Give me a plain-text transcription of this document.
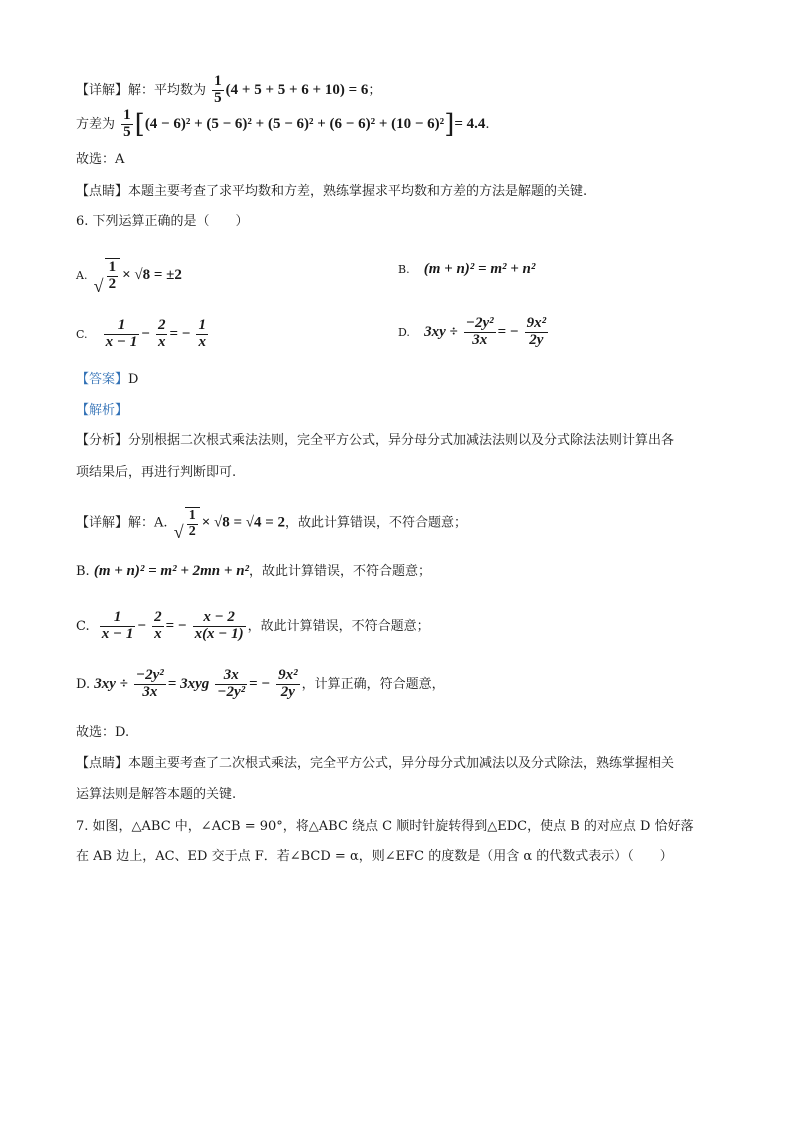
【详解】解：平均数为 $\frac{1}{5} (4 + 5 + 5 + 6 + 10) = 6$；
方差为 $\frac{1}{5} [(4 - 6)^2 + (5 - 6)^2 + (5 - 6)^2 + (6 - 6)^2 + (10 - 6)^2]= 4.4$.
故选：A
【点睛】本题主要考查了求平均数和方差，熟练掌握求平均数和方差的方法是解题的关键.
6. 下列运算正确的是（　　）
A. √ $\frac{1}{2} \times √8 = \pm 2$	B. (m + n)² = m² + n²
C. $\frac{1}{x - 1} - \frac{2}{x}$ = − $\frac{1}{x}$	D. $3xy \div \frac{\text{−2y²}}{3x}$ = − $\frac{\text{9x²}}{2y}$
【答案】D
【解析】
【分析】分别根据二次根式乘法法则，完全平方公式，异分母分式加减法法则以及分式除法法则计算出各
项结果后，再进行判断即可.
【详解】解：A. √ $\frac{1}{2} \times √8 = √4 = 2$，故此计算错误，不符合题意；
B. (m + n)² = m² + 2mn + n²，故此计算错误，不符合题意；
C. $\frac{1}{x - 1} - \frac{2}{x}$ = − $\frac{x - 2}{x(x - 1)}$ ，故此计算错误，不符合题意；
D. $3xy \div \frac{\text{−2y²}}{3x} = 3xyg \frac{3x}{\text{−2y²}}$ = − $\frac{\text{9x²}}{2y}$ ，计算正确，符合题意，
故选：D.
【点睛】本题主要考查了二次根式乘法，完全平方公式，异分母分式加减法以及分式除法，熟练掌握相关
运算法则是解答本题的关键.
7. 如图，△ABC 中，∠ACB = 90°，将△ABC 绕点 C 顺时针旋转得到△EDC，使点 B 的对应点 D 恰好落
在 AB 边上，AC、ED 交于点 F．若∠BCD = α，则∠EFC 的度数是（用含 α 的代数式表示）（　　）
